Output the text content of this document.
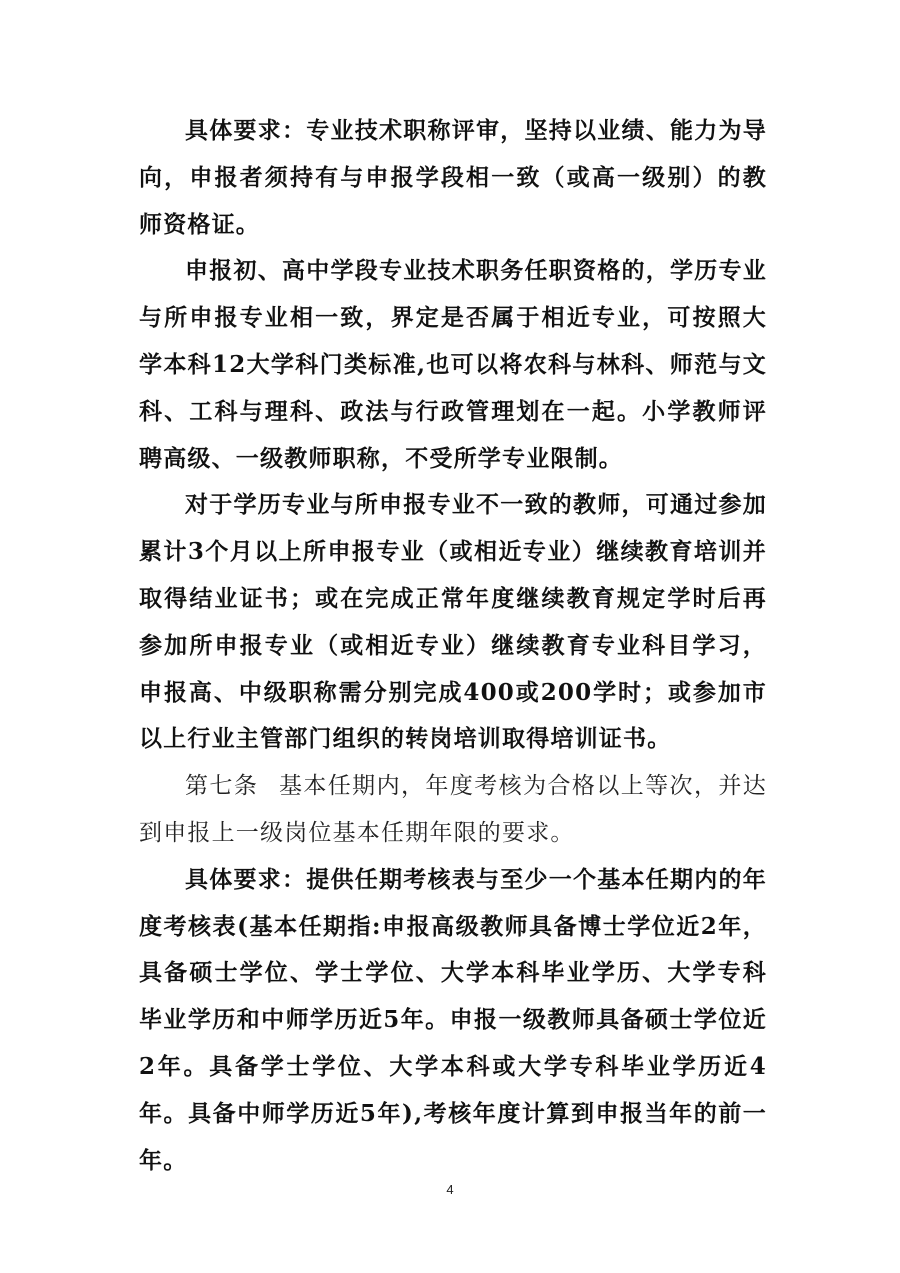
具体要求：专业技术职称评审，坚持以业绩、能力为导向，申报者须持有与申报学段相一致（或高一级别）的教师资格证。

申报初、高中学段专业技术职务任职资格的，学历专业与所申报专业相一致，界定是否属于相近专业，可按照大学本科12大学科门类标准,也可以将农科与林科、师范与文科、工科与理科、政法与行政管理划在一起。小学教师评聘高级、一级教师职称，不受所学专业限制。

对于学历专业与所申报专业不一致的教师，可通过参加累计3个月以上所申报专业（或相近专业）继续教育培训并取得结业证书；或在完成正常年度继续教育规定学时后再参加所申报专业（或相近专业）继续教育专业科目学习，申报高、中级职称需分别完成400或200学时；或参加市以上行业主管部门组织的转岗培训取得培训证书。

第七条 基本任期内，年度考核为合格以上等次，并达到申报上一级岗位基本任期年限的要求。

具体要求：提供任期考核表与至少一个基本任期内的年度考核表(基本任期指:申报高级教师具备博士学位近2年，具备硕士学位、学士学位、大学本科毕业学历、大学专科毕业学历和中师学历近5年。申报一级教师具备硕士学位近2年。具备学士学位、大学本科或大学专科毕业学历近4年。具备中师学历近5年),考核年度计算到申报当年的前一年。

4
